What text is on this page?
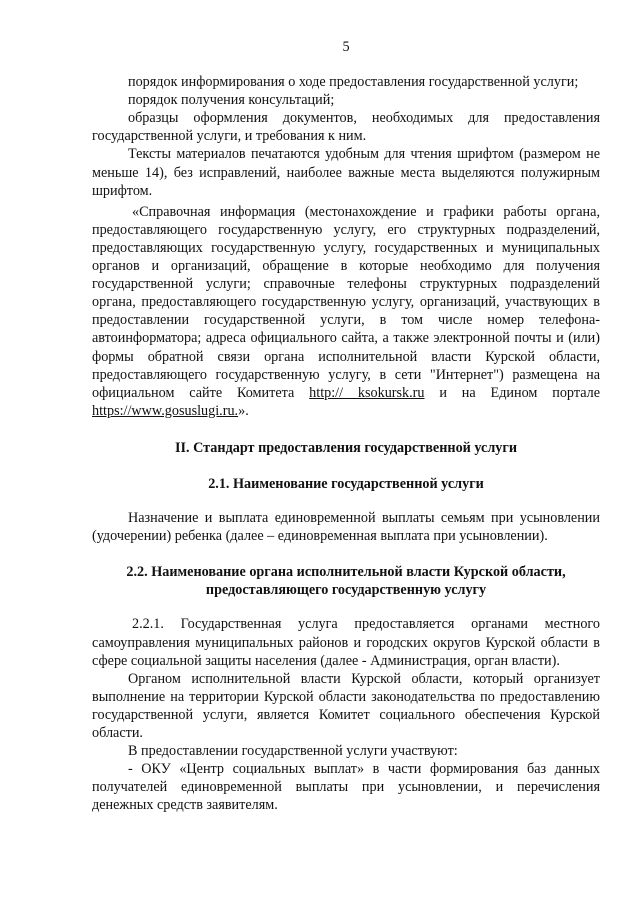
5
порядок информирования о ходе предоставления государственной услуги;
порядок получения консультаций;
образцы оформления документов, необходимых для предоставления государственной услуги, и требования к ним.
Тексты материалов печатаются удобным для чтения шрифтом (размером не меньше 14), без исправлений, наиболее важные места выделяются полужирным шрифтом.
«Справочная информация (местонахождение и графики работы органа, предоставляющего государственную услугу, его структурных подразделений, предоставляющих государственную услугу, государственных и муниципальных органов и организаций, обращение в которые необходимо для получения государственной услуги; справочные телефоны структурных подразделений органа, предоставляющего государственную услугу, организаций, участвующих в предоставлении государственной услуги, в том числе номер телефона-автоинформатора; адреса официального сайта, а также электронной почты и (или) формы обратной связи органа исполнительной власти Курской области, предоставляющего государственную услугу, в сети "Интернет") размещена на официальном сайте Комитета http:// ksokursk.ru и на Едином портале https://www.gosuslugi.ru.».
II. Стандарт предоставления государственной услуги
2.1. Наименование государственной услуги
Назначение и выплата единовременной выплаты семьям при усыновлении (удочерении) ребенка (далее – единовременная выплата при усыновлении).
2.2. Наименование органа исполнительной власти Курской области,
предоставляющего государственную услугу
2.2.1. Государственная услуга предоставляется органами местного самоуправления муниципальных районов и городских округов Курской области в сфере социальной защиты населения (далее - Администрация, орган власти).
Органом исполнительной власти Курской области, который организует выполнение на территории Курской области законодательства по предоставлению государственной услуги, является Комитет социального обеспечения Курской области.
В предоставлении государственной услуги участвуют:
- ОКУ «Центр социальных выплат» в части формирования баз данных получателей единовременной выплаты при усыновлении, и перечисления денежных средств заявителям.
